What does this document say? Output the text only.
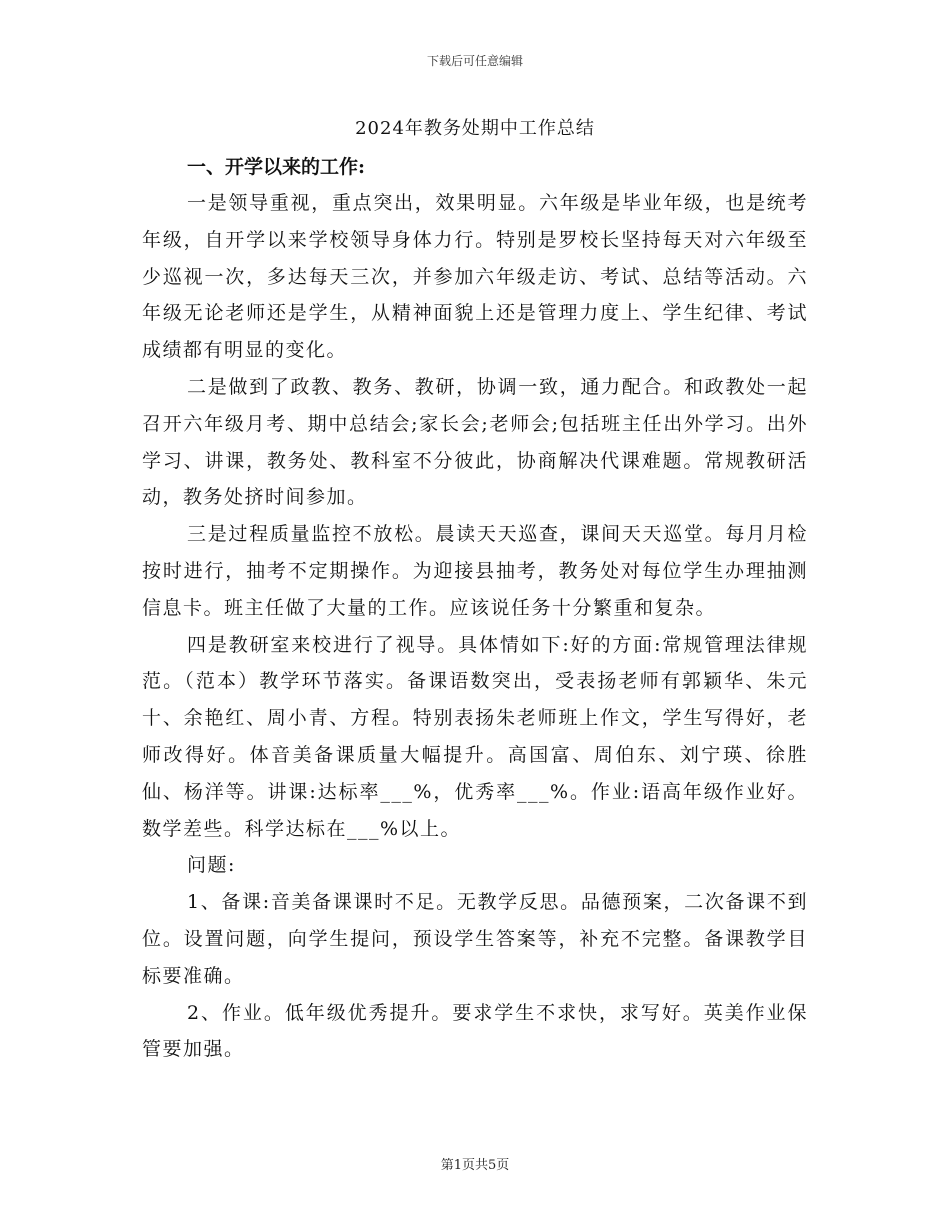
下载后可任意编辑
2024年教务处期中工作总结

一、开学以来的工作:

一是领导重视，重点突出，效果明显。六年级是毕业年级，也是统考年级，自开学以来学校领导身体力行。特别是罗校长坚持每天对六年级至少巡视一次，多达每天三次，并参加六年级走访、考试、总结等活动。六年级无论老师还是学生，从精神面貌上还是管理力度上、学生纪律、考试成绩都有明显的变化。

二是做到了政教、教务、教研，协调一致，通力配合。和政教处一起召开六年级月考、期中总结会;家长会;老师会;包括班主任出外学习。出外学习、讲课，教务处、教科室不分彼此，协商解决代课难题。常规教研活动，教务处挤时间参加。

三是过程质量监控不放松。晨读天天巡查，课间天天巡堂。每月月检按时进行，抽考不定期操作。为迎接县抽考，教务处对每位学生办理抽测信息卡。班主任做了大量的工作。应该说任务十分繁重和复杂。

四是教研室来校进行了视导。具体情如下:好的方面:常规管理法律规范。（范本）教学环节落实。备课语数突出，受表扬老师有郭颖华、朱元十、余艳红、周小青、方程。特别表扬朱老师班上作文，学生写得好，老师改得好。体音美备课质量大幅提升。高国富、周伯东、刘宁瑛、徐胜仙、杨洋等。讲课:达标率___%，优秀率___%。作业:语高年级作业好。数学差些。科学达标在___%以上。

问题:

1、备课:音美备课课时不足。无教学反思。品德预案，二次备课不到位。设置问题，向学生提问，预设学生答案等，补充不完整。备课教学目标要准确。

2、作业。低年级优秀提升。要求学生不求快，求写好。英美作业保管要加强。

第1页共5页
